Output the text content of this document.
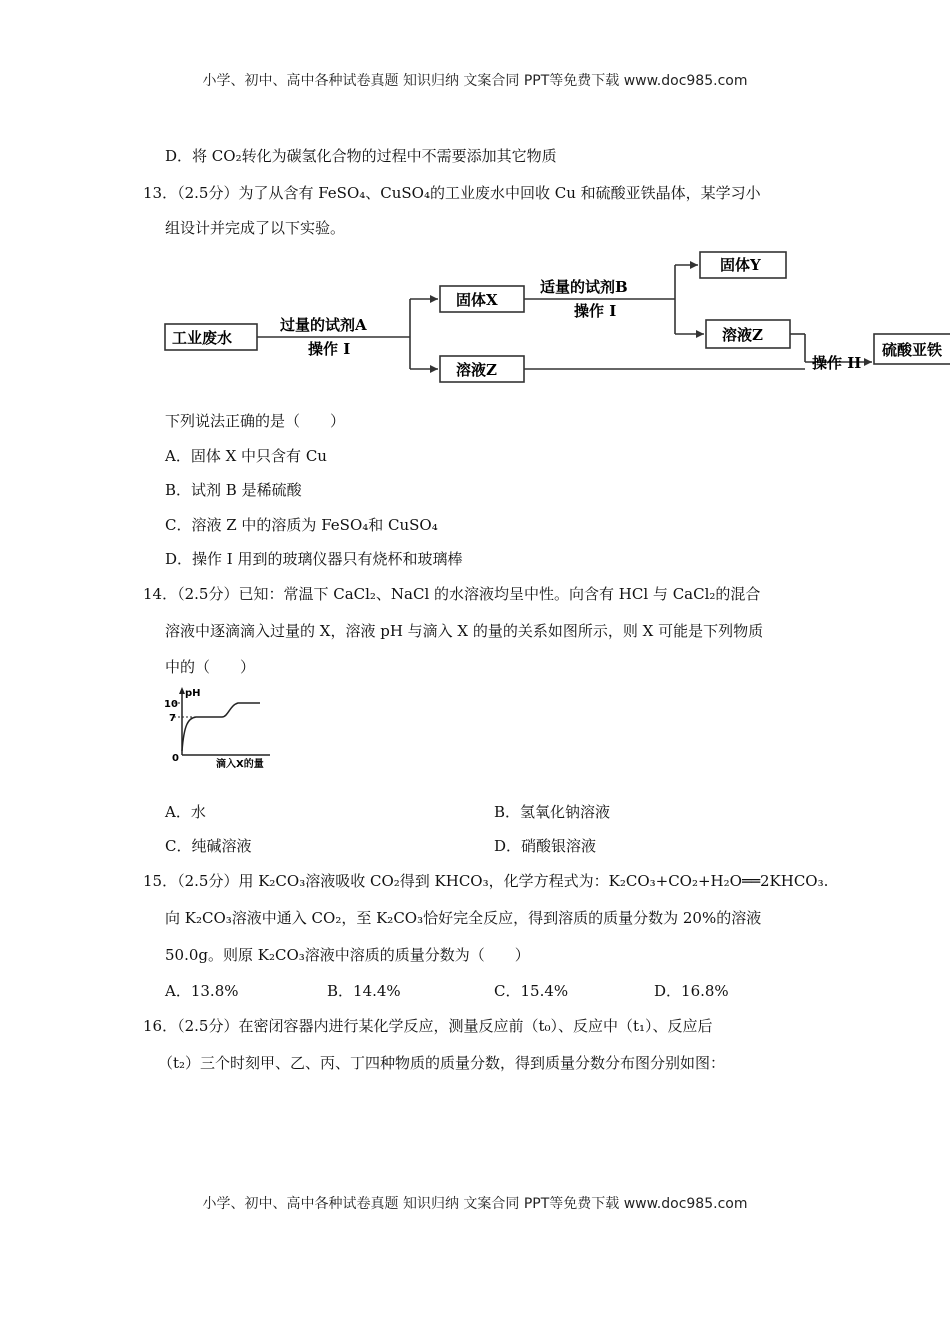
小学、初中、高中各种试卷真题 知识归纳 文案合同 PPT等免费下载 www.doc985.com
D．将 CO₂转化为碳氢化合物的过程中不需要添加其它物质
13．（2.5分）为了从含有 FeSO₄、CuSO₄的工业废水中回收 Cu 和硫酸亚铁晶体，某学习小
组设计并完成了以下实验。
工业废水
过量的试剂A
操作 I
固体X
溶液Z
适量的试剂B
操作 I
固体Y
溶液Z
操作 II
硫酸亚铁
下列说法正确的是（　　）
A．固体 X 中只含有 Cu
B．试剂 B 是稀硫酸
C．溶液 Z 中的溶质为 FeSO₄和 CuSO₄
D．操作 I 用到的玻璃仪器只有烧杯和玻璃棒
14．（2.5分）已知：常温下 CaCl₂、NaCl 的水溶液均呈中性。向含有 HCl 与 CaCl₂的混合
溶液中逐滴滴入过量的 X，溶液 pH 与滴入 X 的量的关系如图所示，则 X 可能是下列物质
中的（　　）
pH
10
7
0
滴入X的量
A．水	B．氢氧化钠溶液
C．纯碱溶液	D．硝酸银溶液
15．（2.5分）用 K₂CO₃溶液吸收 CO₂得到 KHCO₃，化学方程式为：K₂CO₃+CO₂+H₂O══2KHCO₃.
向 K₂CO₃溶液中通入 CO₂，至 K₂CO₃恰好完全反应，得到溶质的质量分数为 20%的溶液
50.0g。则原 K₂CO₃溶液中溶质的质量分数为（　　）
A．13.8%	B．14.4%	C．15.4%	D．16.8%
16．（2.5分）在密闭容器内进行某化学反应，测量反应前（t₀）、反应中（t₁）、反应后
（t₂）三个时刻甲、乙、丙、丁四种物质的质量分数，得到质量分数分布图分别如图：
小学、初中、高中各种试卷真题 知识归纳 文案合同 PPT等免费下载 www.doc985.com
